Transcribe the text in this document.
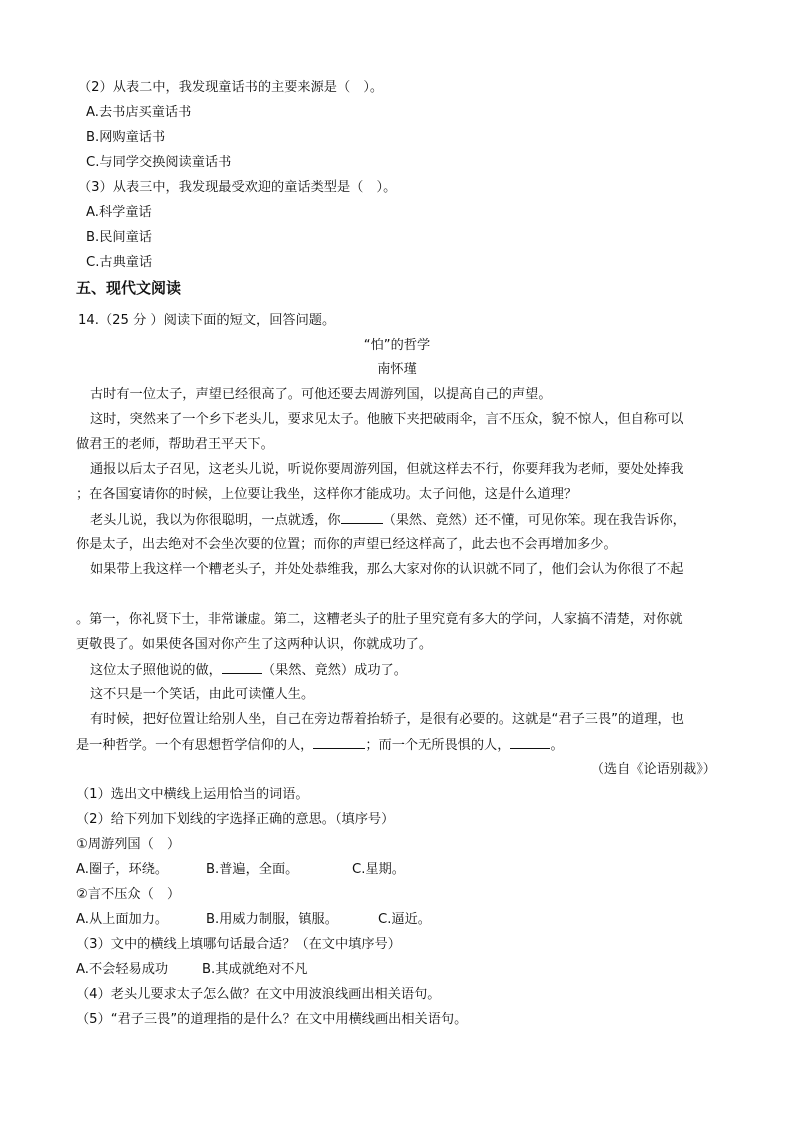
（2）从表二中，我发现童话书的主要来源是（　）。
A.去书店买童话书
B.网购童话书
C.与同学交换阅读童话书
（3）从表三中，我发现最受欢迎的童话类型是（　）。
A.科学童话
B.民间童话
C.古典童话
五、现代文阅读
14.（25 分 ）阅读下面的短文，回答问题。
“怕”的哲学
南怀瑾
古时有一位太子，声望已经很高了。可他还要去周游列国，以提高自己的声望。
这时，突然来了一个乡下老头儿，要求见太子。他腋下夹把破雨伞，言不压众，貌不惊人，但自称可以
做君王的老师，帮助君王平天下。
通报以后太子召见，这老头儿说，听说你要周游列国，但就这样去不行，你要拜我为老师，要处处捧我
；在各国宴请你的时候，上位要让我坐，这样你才能成功。太子问他，这是什么道理？
老头儿说，我以为你很聪明，一点就透，你	（果然、竟然）还不懂，可见你笨。现在我告诉你，
你是太子，出去绝对不会坐次要的位置；而你的声望已经这样高了，此去也不会再增加多少。
如果带上我这样一个糟老头子，并处处恭维我，那么大家对你的认识就不同了，他们会认为你很了不起
。第一，你礼贤下士，非常谦虚。第二，这糟老头子的肚子里究竟有多大的学问，人家搞不清楚，对你就
更敬畏了。如果使各国对你产生了这两种认识，你就成功了。
这位太子照他说的做，	（果然、竟然）成功了。
这不只是一个笑话，由此可读懂人生。
有时候，把好位置让给别人坐，自己在旁边帮着抬轿子，是很有必要的。这就是“君子三畏”的道理，也
是一种哲学。一个有思想哲学信仰的人，	；而一个无所畏惧的人，	。
（选自《论语别裁》）
（1）选出文中横线上运用恰当的词语。
（2）给下列加下划线的字选择正确的意思。（填序号）
①周游列国（　）
A.圈子，环绕。	B.普遍，全面。	C.星期。
②言不压众（　）
A.从上面加力。	B.用威力制服，镇服。	C.逼近。
（3）文中的横线上填哪句话最合适？（在文中填序号）
A.不会轻易成功	B.其成就绝对不凡
（4）老头儿要求太子怎么做？在文中用波浪线画出相关语句。
（5）“君子三畏”的道理指的是什么？在文中用横线画出相关语句。
